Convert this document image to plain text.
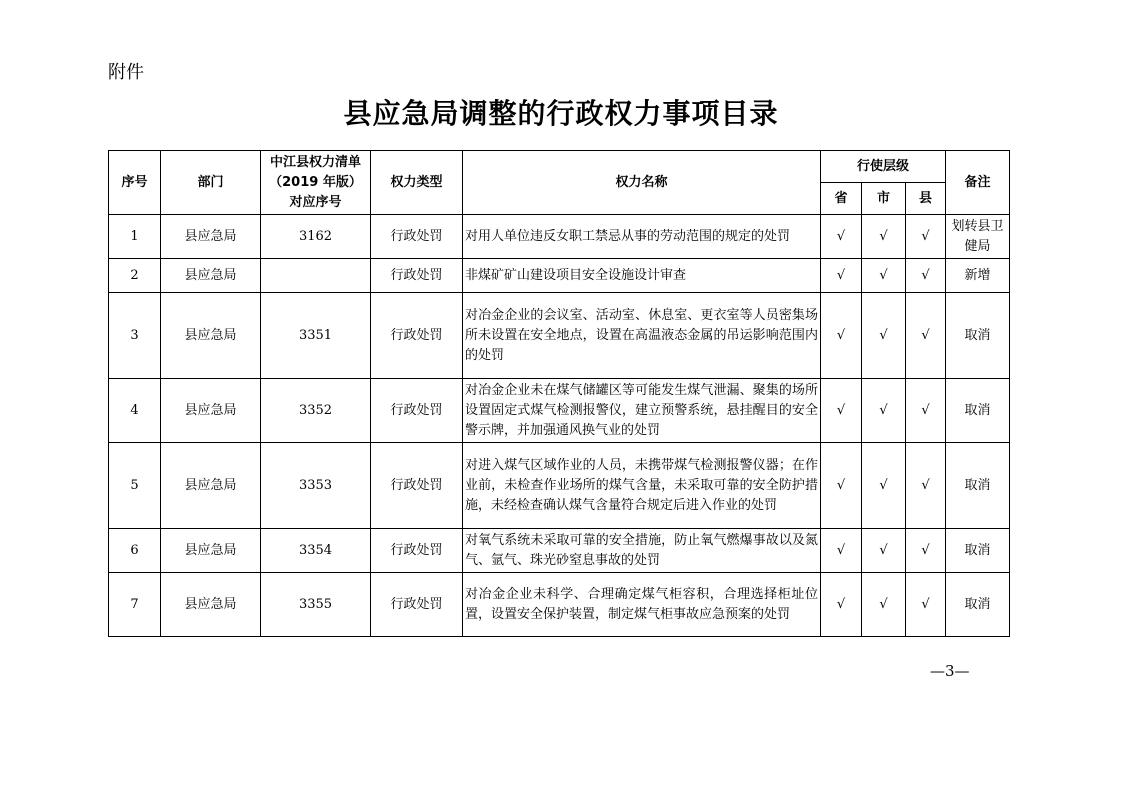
附件
县应急局调整的行政权力事项目录
序号	部门	中江县权力清单（2019 年版）对应序号	权力类型	权力名称	行使层级			备注
					省	市	县	
1	县应急局	3162	行政处罚	对用人单位违反女职工禁忌从事的劳动范围的规定的处罚	√	√	√	划转县卫健局
2	县应急局		行政处罚	非煤矿矿山建设项目安全设施设计审查	√	√	√	新增
3	县应急局	3351	行政处罚	对冶金企业的会议室、活动室、休息室、更衣室等人员密集场所未设置在安全地点，设置在高温液态金属的吊运影响范围内的处罚	√	√	√	取消
4	县应急局	3352	行政处罚	对冶金企业未在煤气储罐区等可能发生煤气泄漏、聚集的场所设置固定式煤气检测报警仪，建立预警系统，悬挂醒目的安全警示牌，并加强通风换气业的处罚	√	√	√	取消
5	县应急局	3353	行政处罚	对进入煤气区域作业的人员，未携带煤气检测报警仪器；在作业前，未检查作业场所的煤气含量，未采取可靠的安全防护措施，未经检查确认煤气含量符合规定后进入作业的处罚	√	√	√	取消
6	县应急局	3354	行政处罚	对氧气系统未采取可靠的安全措施，防止氧气燃爆事故以及氮气、氩气、珠光砂窒息事故的处罚	√	√	√	取消
7	县应急局	3355	行政处罚	对冶金企业未科学、合理确定煤气柜容积，合理选择柜址位置，设置安全保护装置，制定煤气柜事故应急预案的处罚	√	√	√	取消
—3—
